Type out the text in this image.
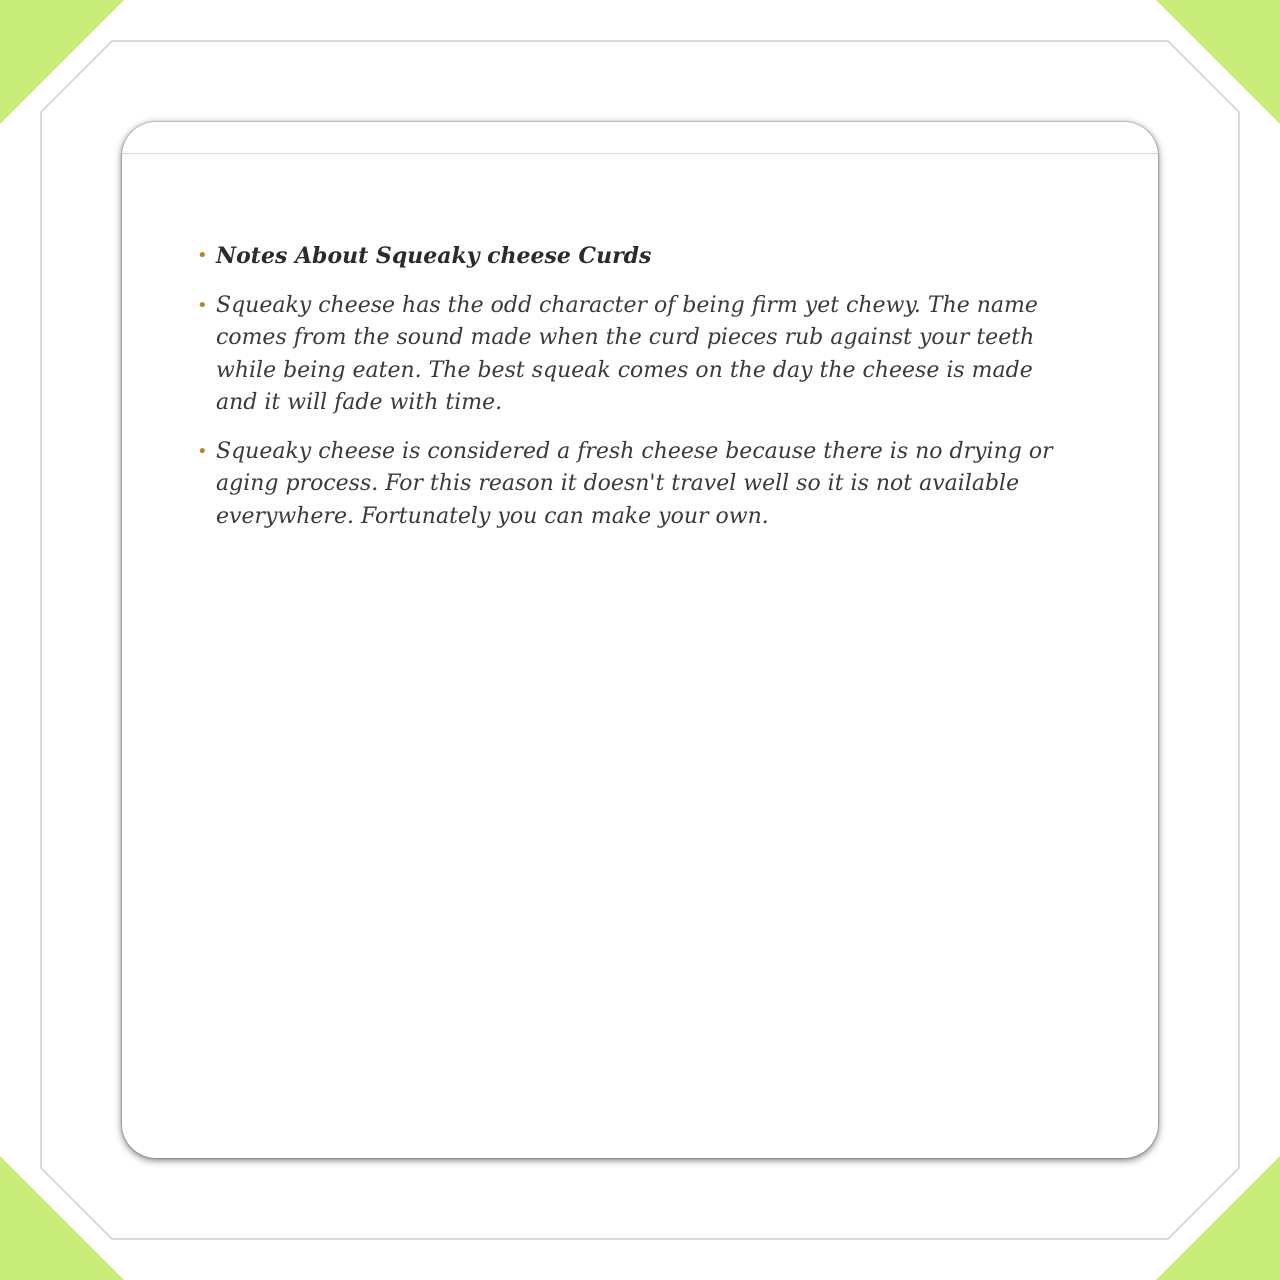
• Notes About Squeaky cheese Curds
• Squeaky cheese has the odd character of being firm yet chewy. The name comes from the sound made when the curd pieces rub against your teeth while being eaten. The best squeak comes on the day the cheese is made and it will fade with time.
• Squeaky cheese is considered a fresh cheese because there is no drying or aging process. For this reason it doesn't travel well so it is not available everywhere. Fortunately you can make your own.
